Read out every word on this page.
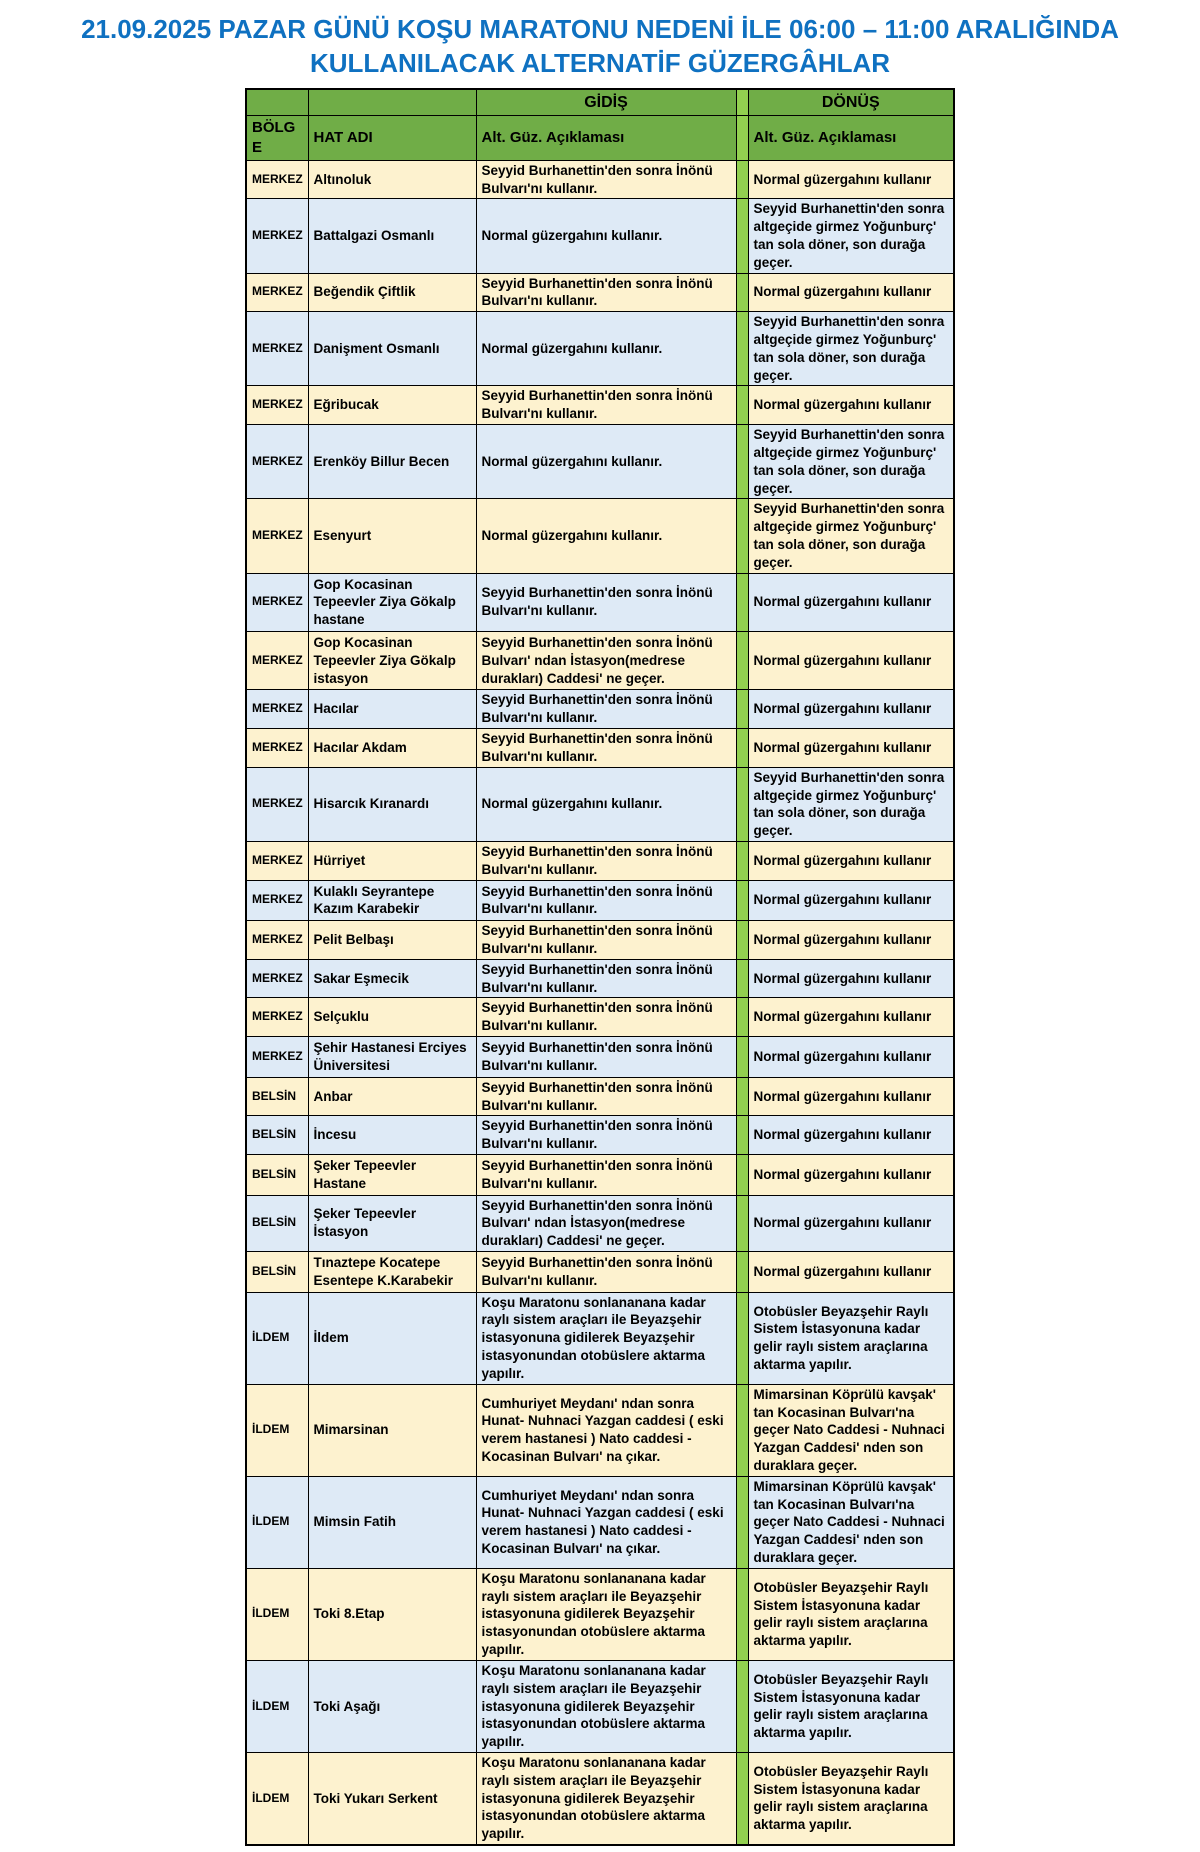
21.09.2025 PAZAR GÜNÜ KOŞU MARATONU NEDENİ İLE 06:00 – 11:00 ARALIĞINDA
KULLANILACAK ALTERNATİF GÜZERGÂHLAR
		GİDİŞ		DÖNÜŞ
BÖLGE	HAT ADI	Alt. Güz. Açıklaması		Alt. Güz. Açıklaması
MERKEZ	Altınoluk	Seyyid Burhanettin'den sonra İnönü Bulvarı'nı kullanır.		Normal güzergahını kullanır
MERKEZ	Battalgazi Osmanlı	Normal güzergahını kullanır.		Seyyid Burhanettin'den sonra altgeçide girmez Yoğunburç' tan sola döner, son durağa geçer.
MERKEZ	Beğendik Çiftlik	Seyyid Burhanettin'den sonra İnönü Bulvarı'nı kullanır.		Normal güzergahını kullanır
MERKEZ	Danişment Osmanlı	Normal güzergahını kullanır.		Seyyid Burhanettin'den sonra altgeçide girmez Yoğunburç' tan sola döner, son durağa geçer.
MERKEZ	Eğribucak	Seyyid Burhanettin'den sonra İnönü Bulvarı'nı kullanır.		Normal güzergahını kullanır
MERKEZ	Erenköy Billur Becen	Normal güzergahını kullanır.		Seyyid Burhanettin'den sonra altgeçide girmez Yoğunburç' tan sola döner, son durağa geçer.
MERKEZ	Esenyurt	Normal güzergahını kullanır.		Seyyid Burhanettin'den sonra altgeçide girmez Yoğunburç' tan sola döner, son durağa geçer.
MERKEZ	Gop Kocasinan Tepeevler Ziya Gökalp hastane	Seyyid Burhanettin'den sonra İnönü Bulvarı'nı kullanır.		Normal güzergahını kullanır
MERKEZ	Gop Kocasinan Tepeevler Ziya Gökalp istasyon	Seyyid Burhanettin'den sonra İnönü Bulvarı' ndan İstasyon(medrese durakları) Caddesi' ne geçer.		Normal güzergahını kullanır
MERKEZ	Hacılar	Seyyid Burhanettin'den sonra İnönü Bulvarı'nı kullanır.		Normal güzergahını kullanır
MERKEZ	Hacılar Akdam	Seyyid Burhanettin'den sonra İnönü Bulvarı'nı kullanır.		Normal güzergahını kullanır
MERKEZ	Hisarcık Kıranardı	Normal güzergahını kullanır.		Seyyid Burhanettin'den sonra altgeçide girmez Yoğunburç' tan sola döner, son durağa geçer.
MERKEZ	Hürriyet	Seyyid Burhanettin'den sonra İnönü Bulvarı'nı kullanır.		Normal güzergahını kullanır
MERKEZ	Kulaklı Seyrantepe Kazım Karabekir	Seyyid Burhanettin'den sonra İnönü Bulvarı'nı kullanır.		Normal güzergahını kullanır
MERKEZ	Pelit Belbaşı	Seyyid Burhanettin'den sonra İnönü Bulvarı'nı kullanır.		Normal güzergahını kullanır
MERKEZ	Sakar Eşmecik	Seyyid Burhanettin'den sonra İnönü Bulvarı'nı kullanır.		Normal güzergahını kullanır
MERKEZ	Selçuklu	Seyyid Burhanettin'den sonra İnönü Bulvarı'nı kullanır.		Normal güzergahını kullanır
MERKEZ	Şehir Hastanesi Erciyes Üniversitesi	Seyyid Burhanettin'den sonra İnönü Bulvarı'nı kullanır.		Normal güzergahını kullanır
BELSİN	Anbar	Seyyid Burhanettin'den sonra İnönü Bulvarı'nı kullanır.		Normal güzergahını kullanır
BELSİN	İncesu	Seyyid Burhanettin'den sonra İnönü Bulvarı'nı kullanır.		Normal güzergahını kullanır
BELSİN	Şeker Tepeevler Hastane	Seyyid Burhanettin'den sonra İnönü Bulvarı'nı kullanır.		Normal güzergahını kullanır
BELSİN	Şeker Tepeevler İstasyon	Seyyid Burhanettin'den sonra İnönü Bulvarı' ndan İstasyon(medrese durakları) Caddesi' ne geçer.		Normal güzergahını kullanır
BELSİN	Tınaztepe Kocatepe Esentepe K.Karabekir	Seyyid Burhanettin'den sonra İnönü Bulvarı'nı kullanır.		Normal güzergahını kullanır
İLDEM	İldem	Koşu Maratonu sonlananana kadar raylı sistem araçları ile Beyazşehir istasyonuna gidilerek Beyazşehir istasyonundan otobüslere aktarma yapılır.		Otobüsler Beyazşehir Raylı Sistem İstasyonuna kadar gelir raylı sistem araçlarına aktarma yapılır.
İLDEM	Mimarsinan	Cumhuriyet Meydanı' ndan sonra Hunat- Nuhnaci Yazgan caddesi ( eski verem hastanesi ) Nato caddesi - Kocasinan Bulvarı' na çıkar.		Mimarsinan Köprülü kavşak' tan Kocasinan Bulvarı'na geçer Nato Caddesi - Nuhnaci Yazgan Caddesi' nden son duraklara geçer.
İLDEM	Mimsin Fatih	Cumhuriyet Meydanı' ndan sonra Hunat- Nuhnaci Yazgan caddesi ( eski verem hastanesi ) Nato caddesi - Kocasinan Bulvarı' na çıkar.		Mimarsinan Köprülü kavşak' tan Kocasinan Bulvarı'na geçer Nato Caddesi - Nuhnaci Yazgan Caddesi' nden son duraklara geçer.
İLDEM	Toki 8.Etap	Koşu Maratonu sonlananana kadar raylı sistem araçları ile Beyazşehir istasyonuna gidilerek Beyazşehir istasyonundan otobüslere aktarma yapılır.		Otobüsler Beyazşehir Raylı Sistem İstasyonuna kadar gelir raylı sistem araçlarına aktarma yapılır.
İLDEM	Toki Aşağı	Koşu Maratonu sonlananana kadar raylı sistem araçları ile Beyazşehir istasyonuna gidilerek Beyazşehir istasyonundan otobüslere aktarma yapılır.		Otobüsler Beyazşehir Raylı Sistem İstasyonuna kadar gelir raylı sistem araçlarına aktarma yapılır.
İLDEM	Toki Yukarı Serkent	Koşu Maratonu sonlananana kadar raylı sistem araçları ile Beyazşehir istasyonuna gidilerek Beyazşehir istasyonundan otobüslere aktarma yapılır.		Otobüsler Beyazşehir Raylı Sistem İstasyonuna kadar gelir raylı sistem araçlarına aktarma yapılır.
